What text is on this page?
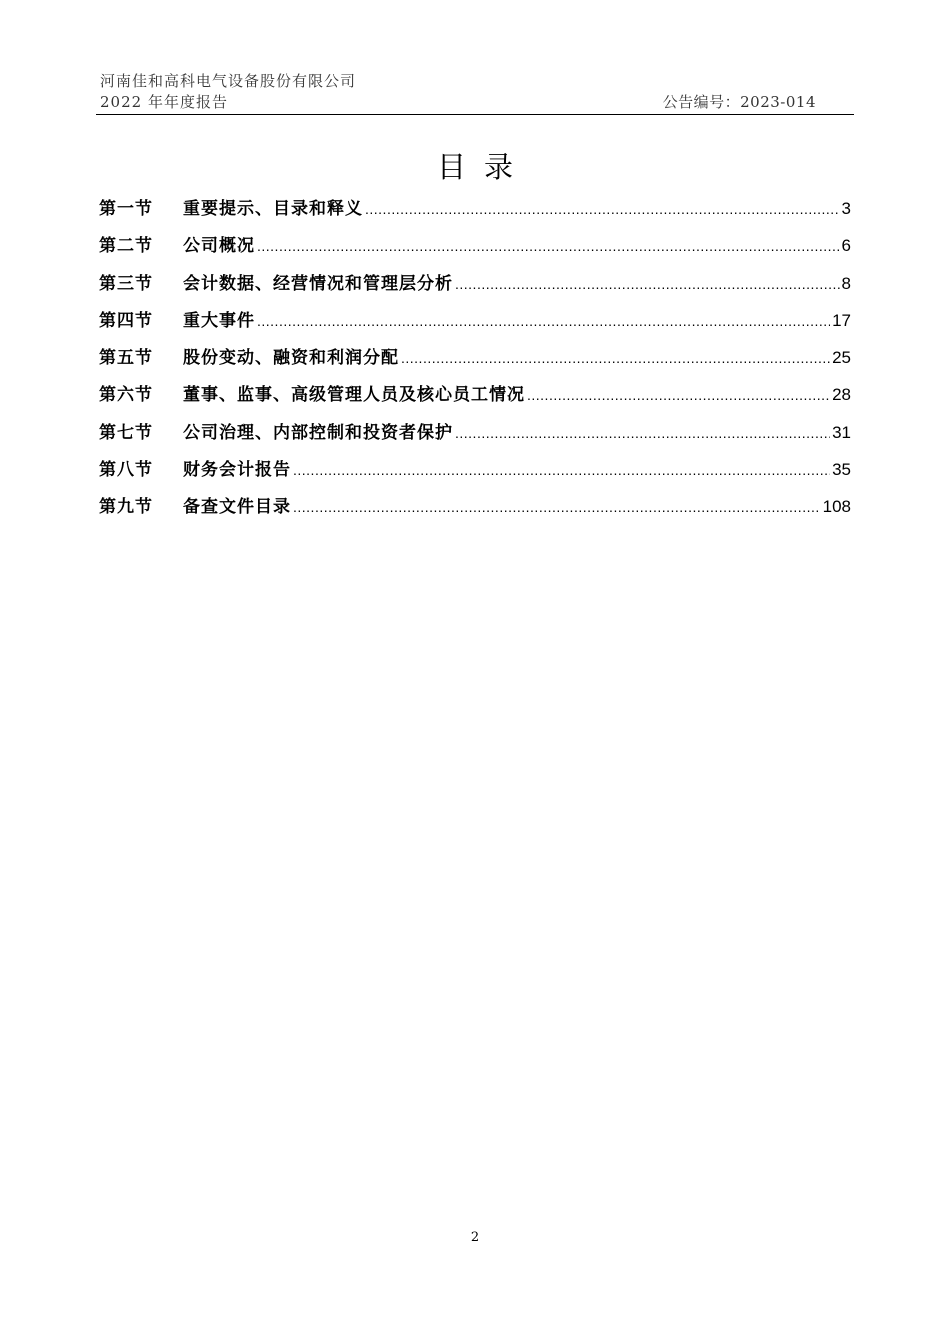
河南佳和高科电气设备股份有限公司
2022 年年度报告	公告编号：2023-014
目录
第一节	重要提示、目录和释义 .....	3
第二节	公司概况 .....	6
第三节	会计数据、经营情况和管理层分析 .....	8
第四节	重大事件 .....	17
第五节	股份变动、融资和利润分配 .....	25
第六节	董事、监事、高级管理人员及核心员工情况 .....	28
第七节	公司治理、内部控制和投资者保护 .....	31
第八节	财务会计报告 .....	35
第九节	备查文件目录 .....	108
2
